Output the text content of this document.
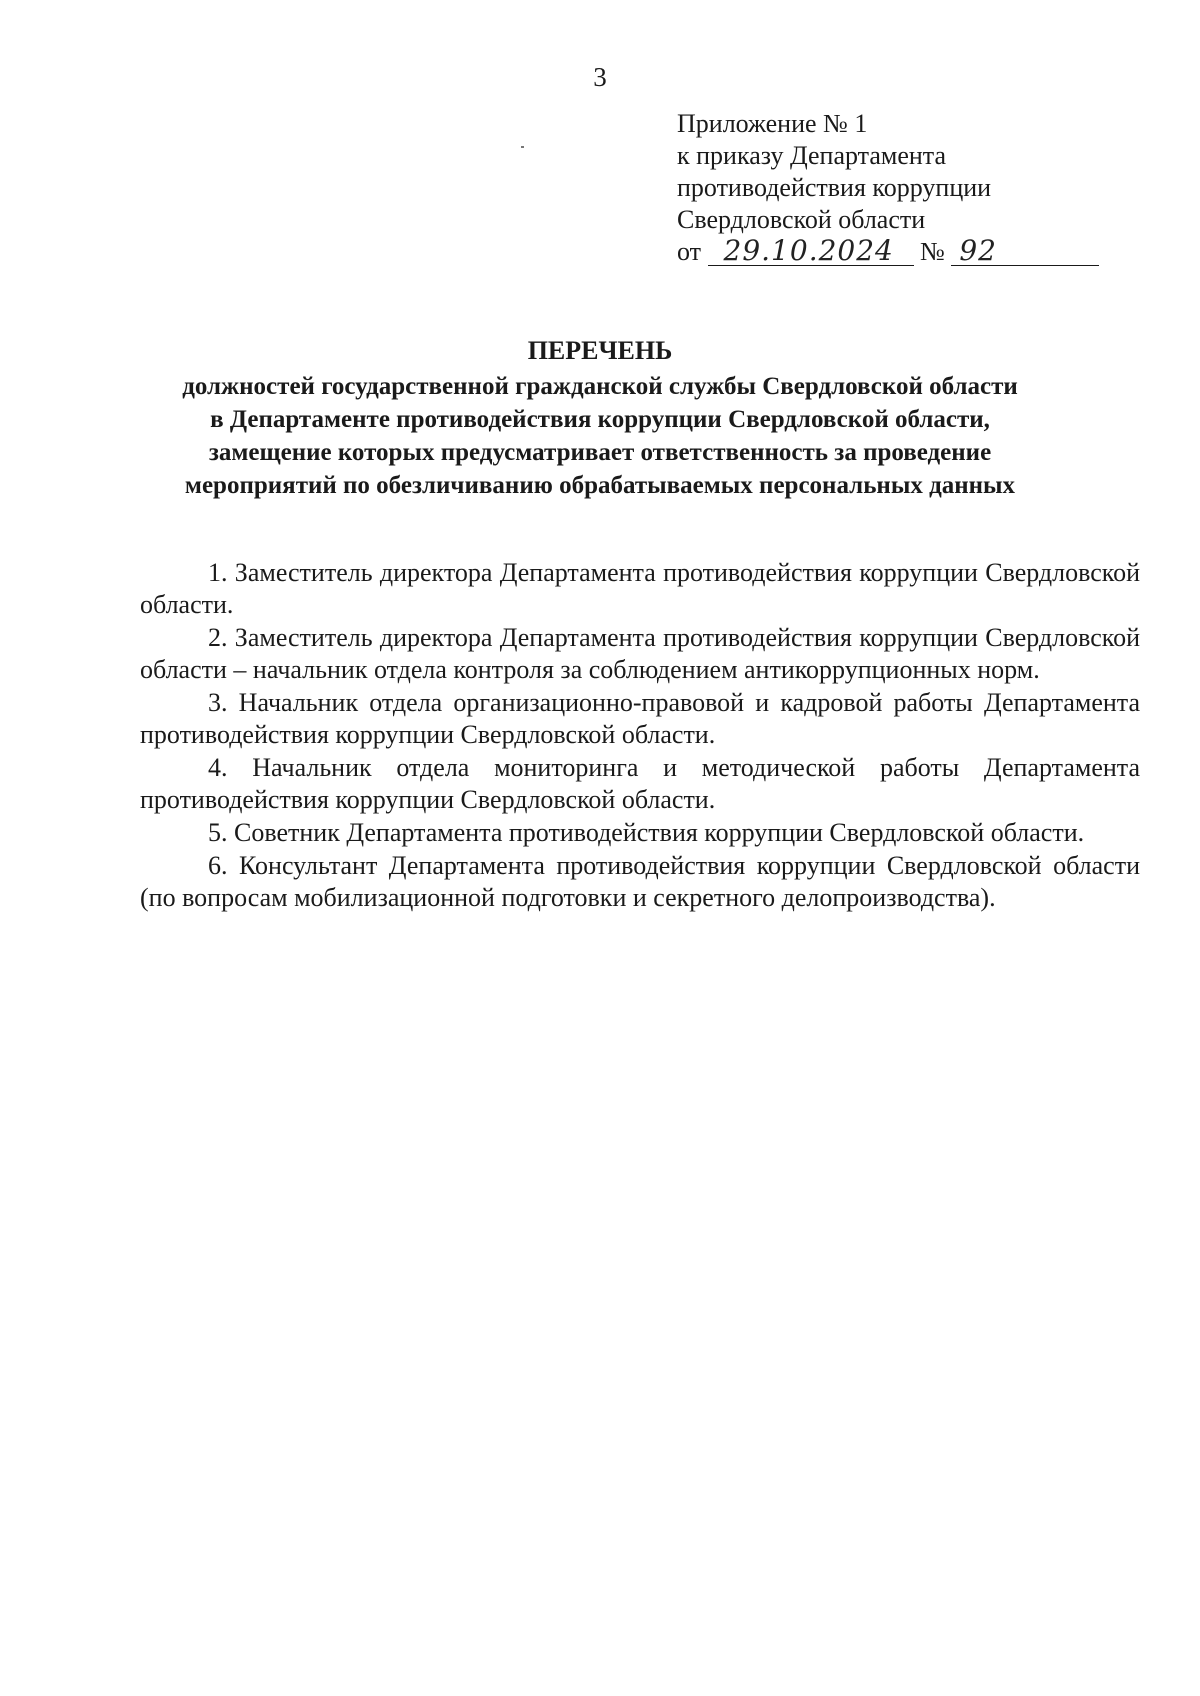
3
Приложение № 1
к приказу Департамента
противодействия коррупции
Свердловской области
от 29.10.2024 № 92
ПЕРЕЧЕНЬ
должностей государственной гражданской службы Свердловской области
в Департаменте противодействия коррупции Свердловской области,
замещение которых предусматривает ответственность за проведение
мероприятий по обезличиванию обрабатываемых персональных данных

1. Заместитель директора Департамента противодействия коррупции Свердловской области.

2. Заместитель директора Департамента противодействия коррупции Свердловской области – начальник отдела контроля за соблюдением антикоррупционных норм.

3. Начальник отдела организационно-правовой и кадровой работы Департамента противодействия коррупции Свердловской области.

4. Начальник отдела мониторинга и методической работы Департамента противодействия коррупции Свердловской области.

5. Советник Департамента противодействия коррупции Свердловской области.

6. Консультант Департамента противодействия коррупции Свердловской области (по вопросам мобилизационной подготовки и секретного делопроизводства).
